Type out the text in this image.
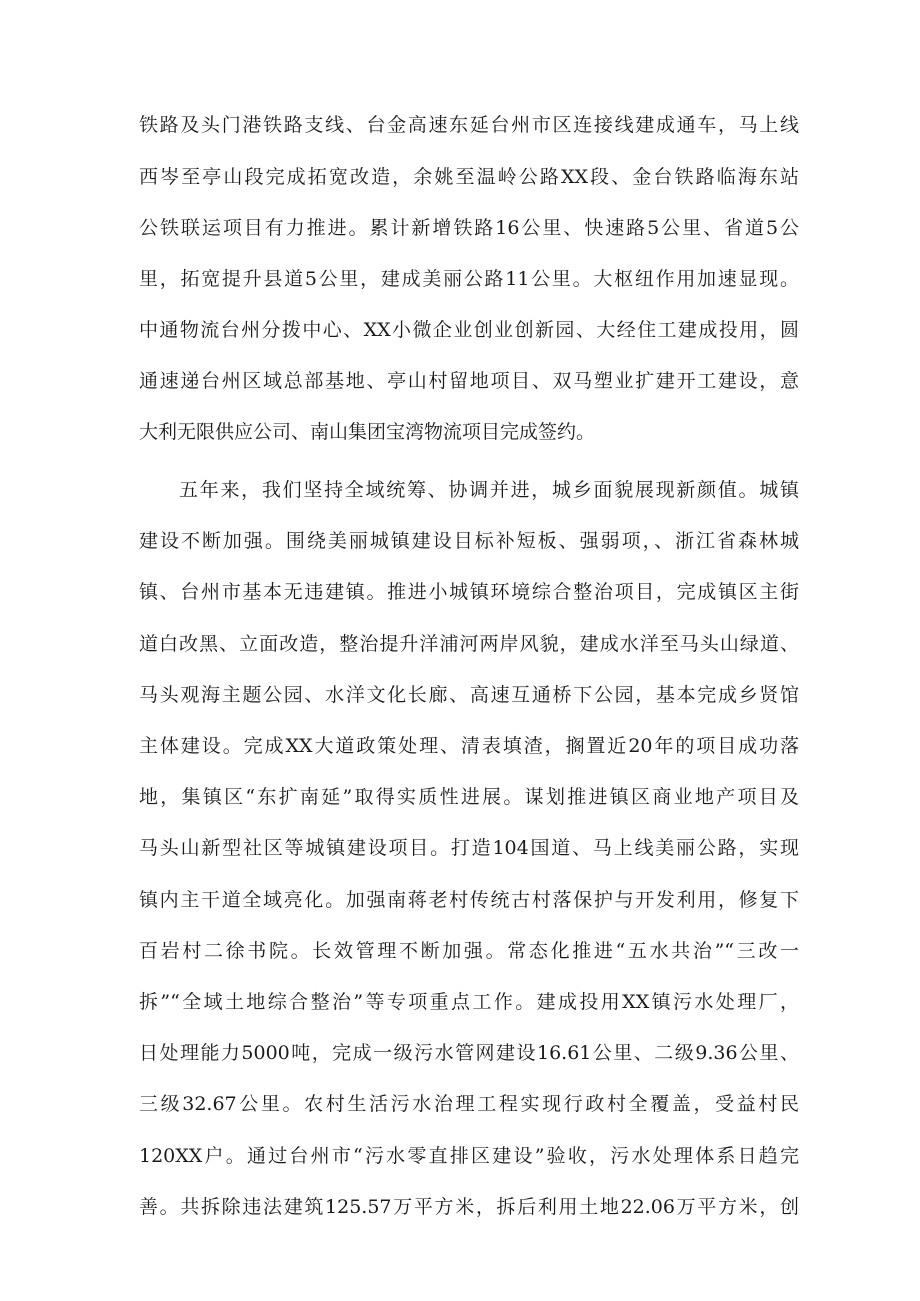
铁路及头门港铁路支线、台金高速东延台州市区连接线建成通车，马上线
西岑至亭山段完成拓宽改造，余姚至温岭公路XX段、金台铁路临海东站
公铁联运项目有力推进。累计新增铁路16公里、快速路5公里、省道5公
里，拓宽提升县道5公里，建成美丽公路11公里。大枢纽作用加速显现。
中通物流台州分拨中心、XX小微企业创业创新园、大经住工建成投用，圆
通速递台州区域总部基地、亭山村留地项目、双马塑业扩建开工建设，意
大利无限供应公司、南山集团宝湾物流项目完成签约。
五年来，我们坚持全域统筹、协调并进，城乡面貌展现新颜值。城镇
建设不断加强。围绕美丽城镇建设目标补短板、强弱项，、浙江省森林城
镇、台州市基本无违建镇。推进小城镇环境综合整治项目，完成镇区主街
道白改黑、立面改造，整治提升洋浦河两岸风貌，建成水洋至马头山绿道、
马头观海主题公园、水洋文化长廊、高速互通桥下公园，基本完成乡贤馆
主体建设。完成XX大道政策处理、清表填渣，搁置近20年的项目成功落
地，集镇区“东扩南延”取得实质性进展。谋划推进镇区商业地产项目及
马头山新型社区等城镇建设项目。打造104国道、马上线美丽公路，实现
镇内主干道全域亮化。加强南蒋老村传统古村落保护与开发利用，修复下
百岩村二徐书院。长效管理不断加强。常态化推进“五水共治”“三改一
拆”“全域土地综合整治”等专项重点工作。建成投用XX镇污水处理厂，
日处理能力5000吨，完成一级污水管网建设16.61公里、二级9.36公里、
三级32.67公里。农村生活污水治理工程实现行政村全覆盖，受益村民
120XX户。通过台州市“污水零直排区建设”验收，污水处理体系日趋完
善。共拆除违法建筑125.57万平方米，拆后利用土地22.06万平方米，创
